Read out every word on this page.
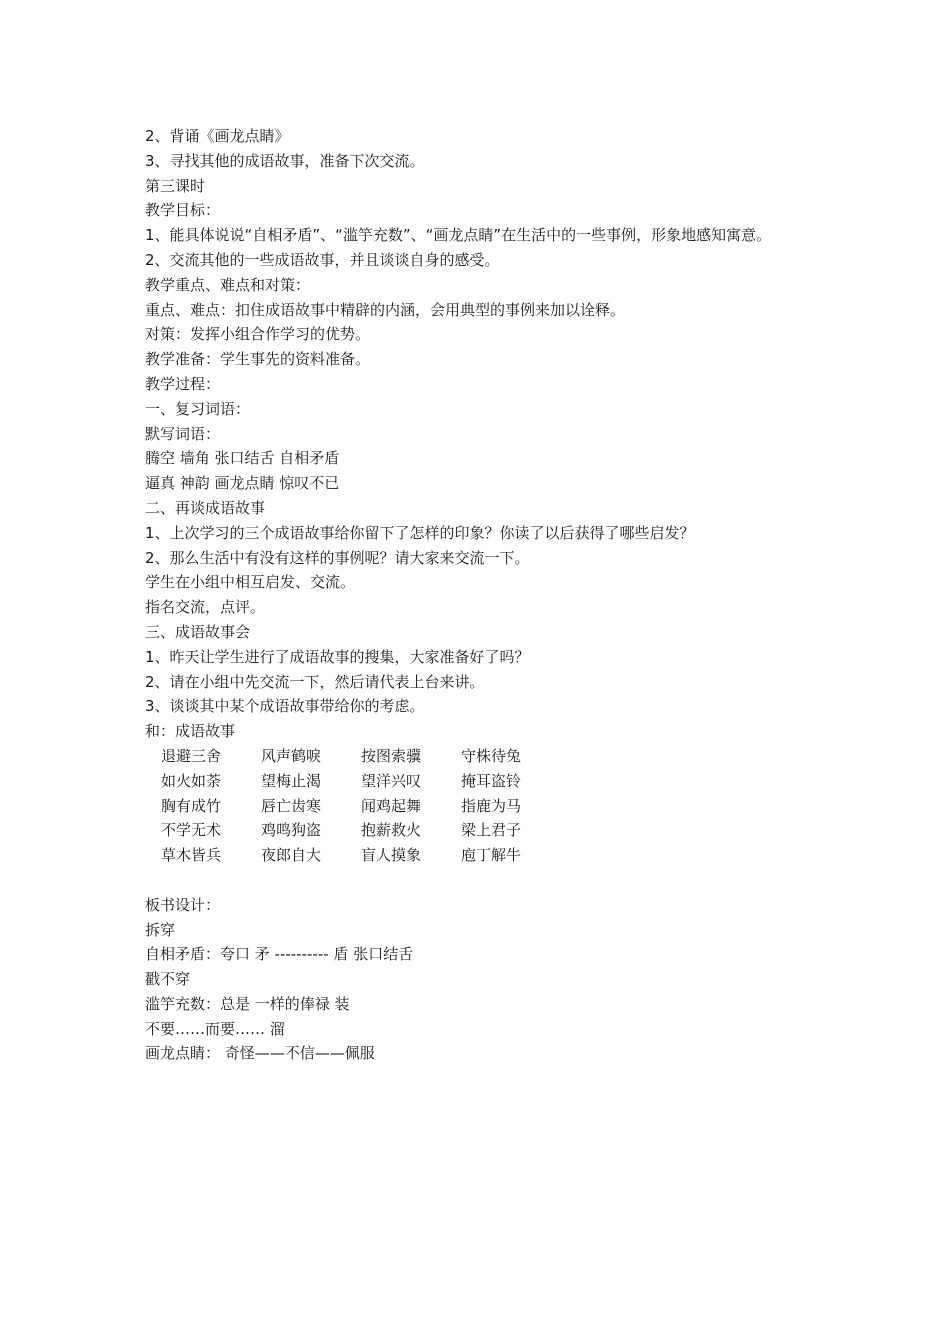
2、背诵《画龙点睛》
3、寻找其他的成语故事，准备下次交流。
第三课时
教学目标：
1、能具体说说“自相矛盾”、“滥竽充数”、“画龙点睛”在生活中的一些事例，形象地感知寓意。
2、交流其他的一些成语故事，并且谈谈自身的感受。
教学重点、难点和对策：
重点、难点：扣住成语故事中精辟的内涵，会用典型的事例来加以诠释。
对策：发挥小组合作学习的优势。
教学准备：学生事先的资料准备。
教学过程：
一、复习词语：
默写词语：
腾空 墙角 张口结舌 自相矛盾
逼真 神韵 画龙点睛 惊叹不已
二、再谈成语故事
1、上次学习的三个成语故事给你留下了怎样的印象？你读了以后获得了哪些启发？
2、那么生活中有没有这样的事例呢？请大家来交流一下。
学生在小组中相互启发、交流。
指名交流，点评。
三、成语故事会
1、昨天让学生进行了成语故事的搜集，大家准备好了吗？
2、请在小组中先交流一下，然后请代表上台来讲。
3、谈谈其中某个成语故事带给你的考虑。
和：成语故事
退避三舍	风声鹤唳	按图索骥	守株待兔
如火如荼	望梅止渴	望洋兴叹	掩耳盗铃
胸有成竹	唇亡齿寒	闻鸡起舞	指鹿为马
不学无术	鸡鸣狗盗	抱薪救火	梁上君子
草木皆兵	夜郎自大	盲人摸象	庖丁解牛
板书设计：
拆穿
自相矛盾：夸口 矛 ---------- 盾 张口结舌
戳不穿
滥竽充数：总是 一样的俸禄 装
不要……而要…… 溜
画龙点睛： 奇怪——不信——佩服
